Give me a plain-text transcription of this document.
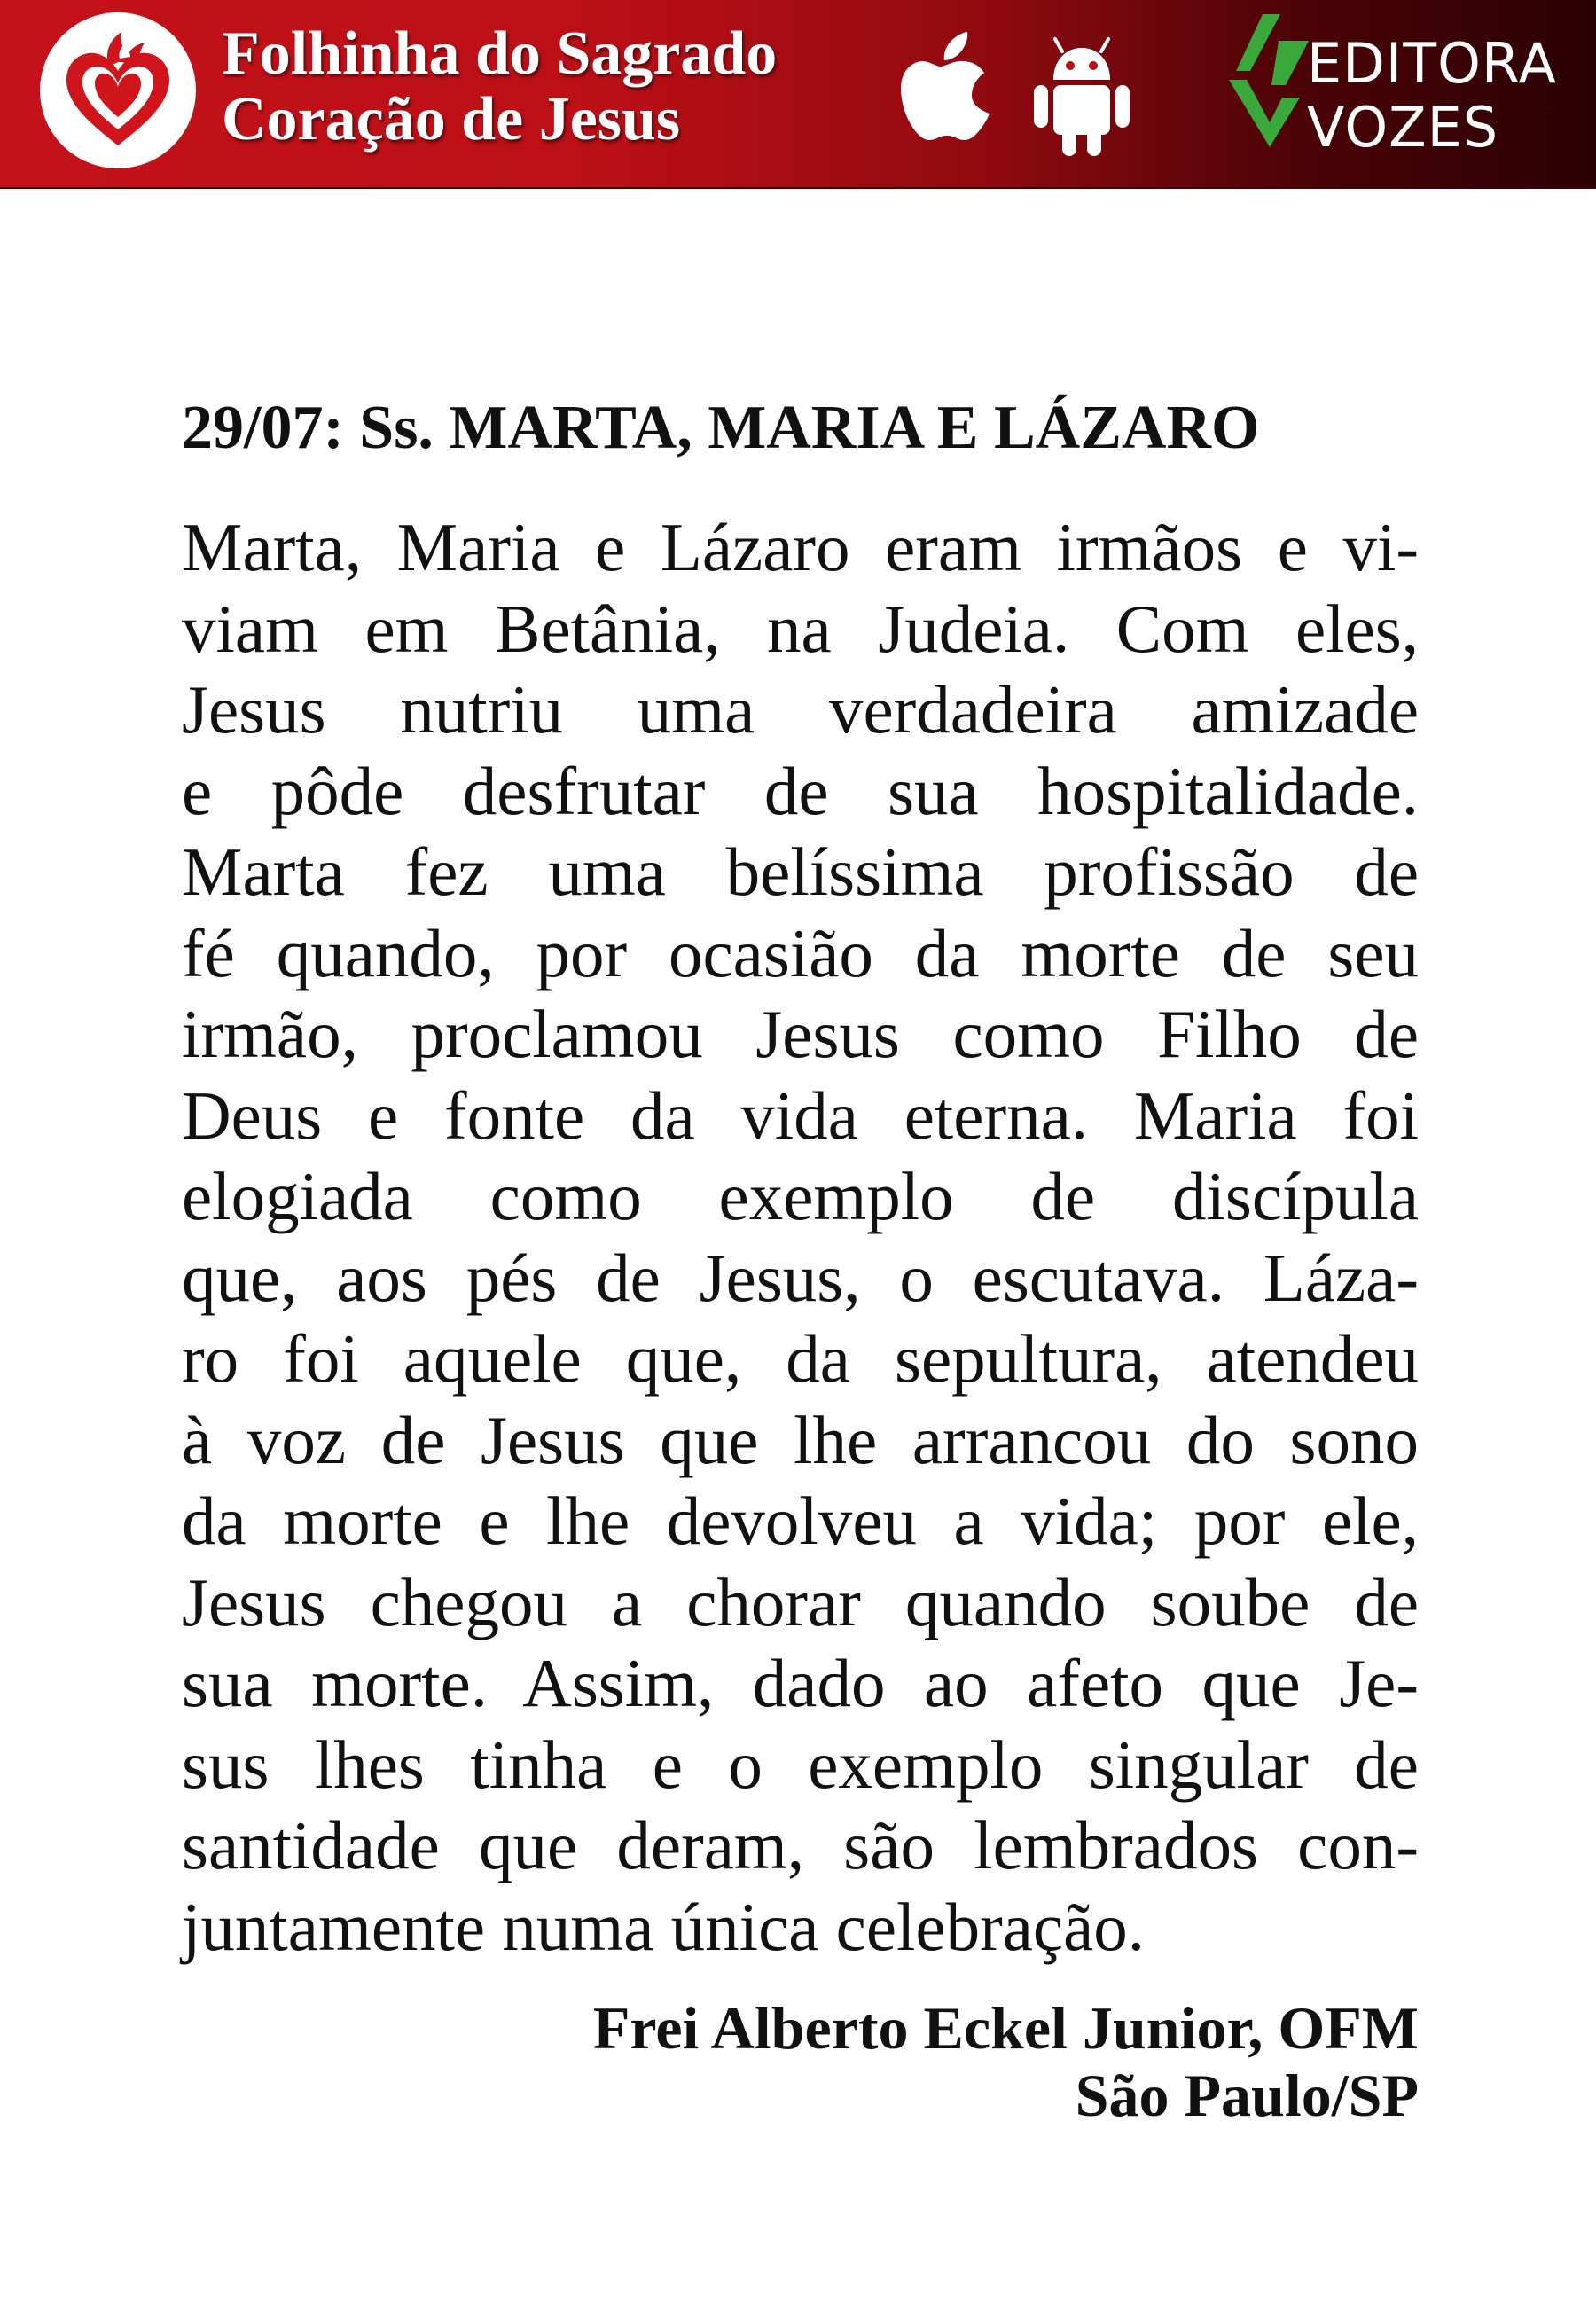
Folhinha do Sagrado
Coração de Jesus
EDITORA
VOZES
29/07: Ss. MARTA, MARIA E LÁZARO
Marta, Maria e Lázaro eram irmãos e vi-
viam em Betânia, na Judeia. Com eles,
Jesus nutriu uma verdadeira amizade
e pôde desfrutar de sua hospitalidade.
Marta fez uma belíssima profissão de
fé quando, por ocasião da morte de seu
irmão, proclamou Jesus como Filho de
Deus e fonte da vida eterna. Maria foi
elogiada como exemplo de discípula
que, aos pés de Jesus, o escutava. Láza-
ro foi aquele que, da sepultura, atendeu
à voz de Jesus que lhe arrancou do sono
da morte e lhe devolveu a vida; por ele,
Jesus chegou a chorar quando soube de
sua morte. Assim, dado ao afeto que Je-
sus lhes tinha e o exemplo singular de
santidade que deram, são lembrados con-
juntamente numa única celebração.
Frei Alberto Eckel Junior, OFM
São Paulo/SP
